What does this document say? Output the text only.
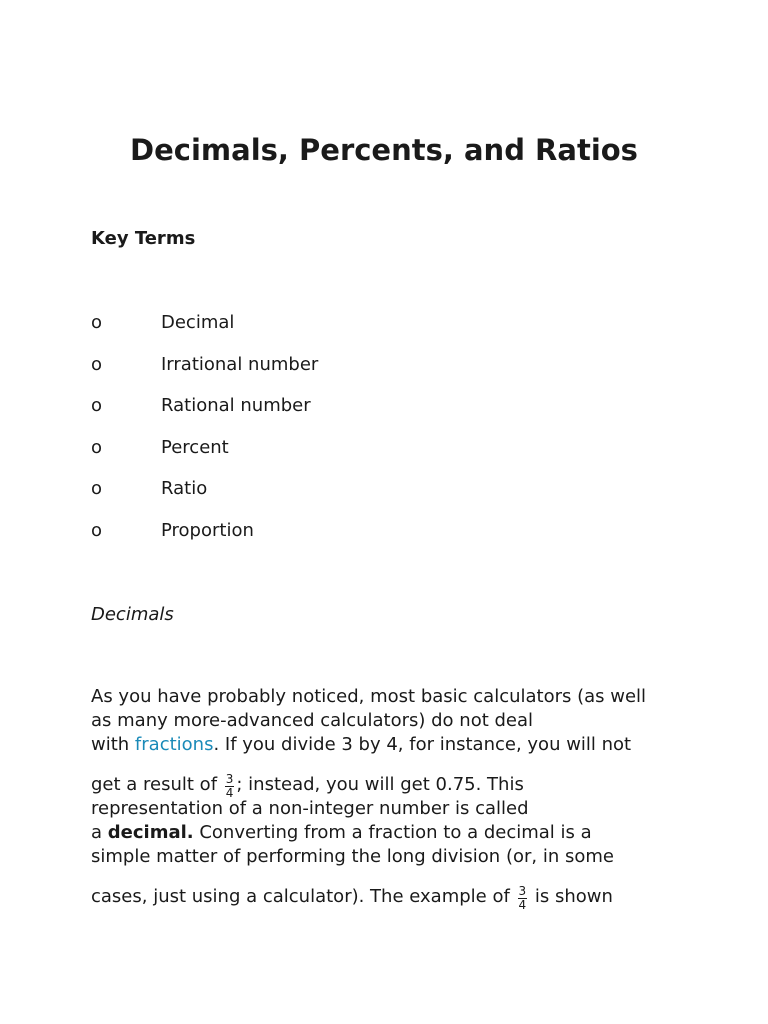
Decimals, Percents, and Ratios
Key Terms
o	Decimal
o	Irrational number
o	Rational number
o	Percent
o	Ratio
o	Proportion
Decimals
As you have probably noticed, most basic calculators (as well
as many more-advanced calculators) do not deal
with fractions. If you divide 3 by 4, for instance, you will not
get a result of $\frac{3}{4}$ ; instead, you will get 0.75. This
representation of a non-integer number is called
a decimal. Converting from a fraction to a decimal is a
simple matter of performing the long division (or, in some
cases, just using a calculator). The example of $\frac{3}{4}$ is shown
